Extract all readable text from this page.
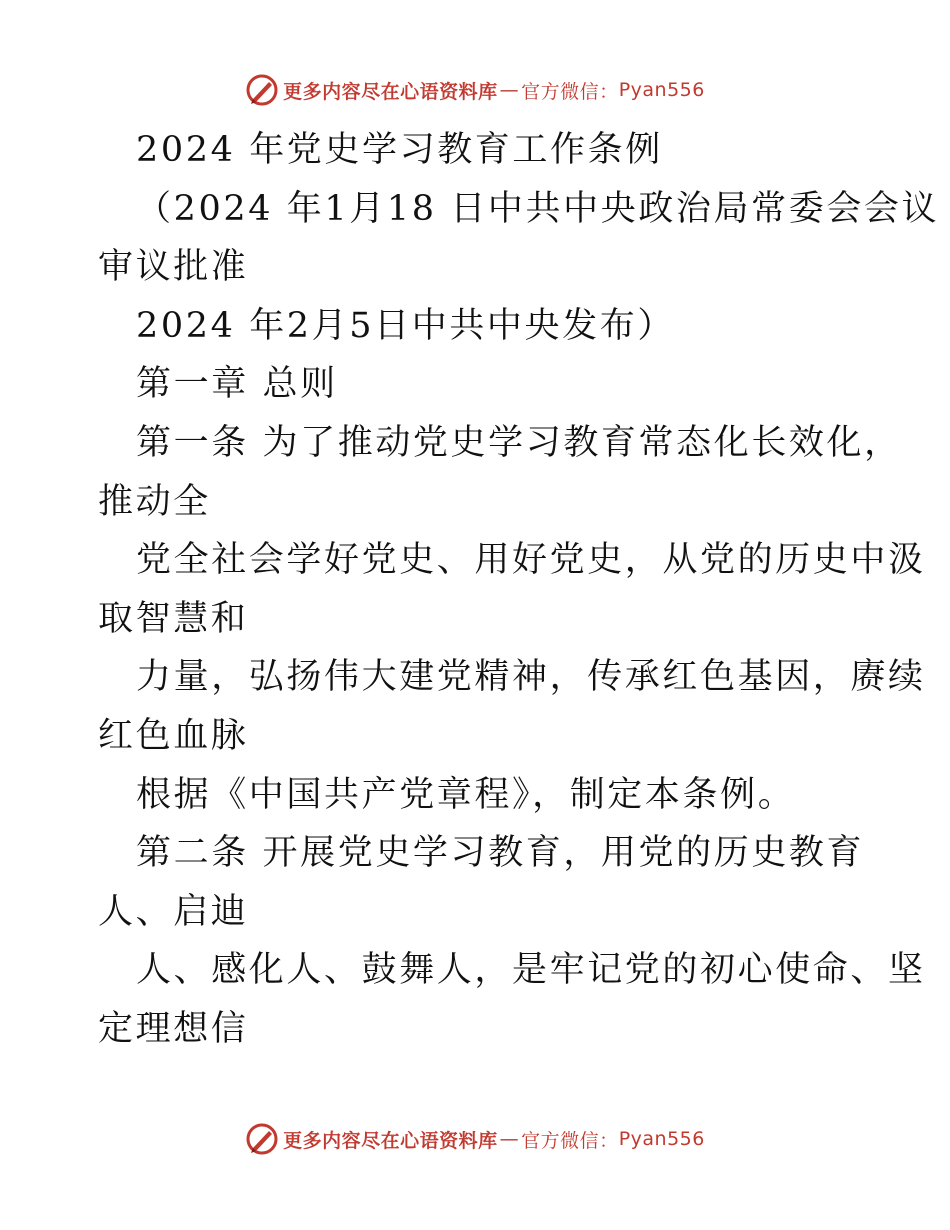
更多内容尽在心语资料库 — 官方微信： Pyan556
2024 年党史学习教育工作条例
（2024 年1月18 日中共中央政治局常委会会议
审议批准
2024 年2月5日中共中央发布）
第一章 总则
第一条 为了推动党史学习教育常态化长效化，
推动全
党全社会学好党史、用好党史，从党的历史中汲
取智慧和
力量，弘扬伟大建党精神，传承红色基因，赓续
红色血脉
根据《中国共产党章程》，制定本条例。
第二条 开展党史学习教育，用党的历史教育
人、启迪
人、感化人、鼓舞人，是牢记党的初心使命、坚
定理想信
更多内容尽在心语资料库 — 官方微信： Pyan556
